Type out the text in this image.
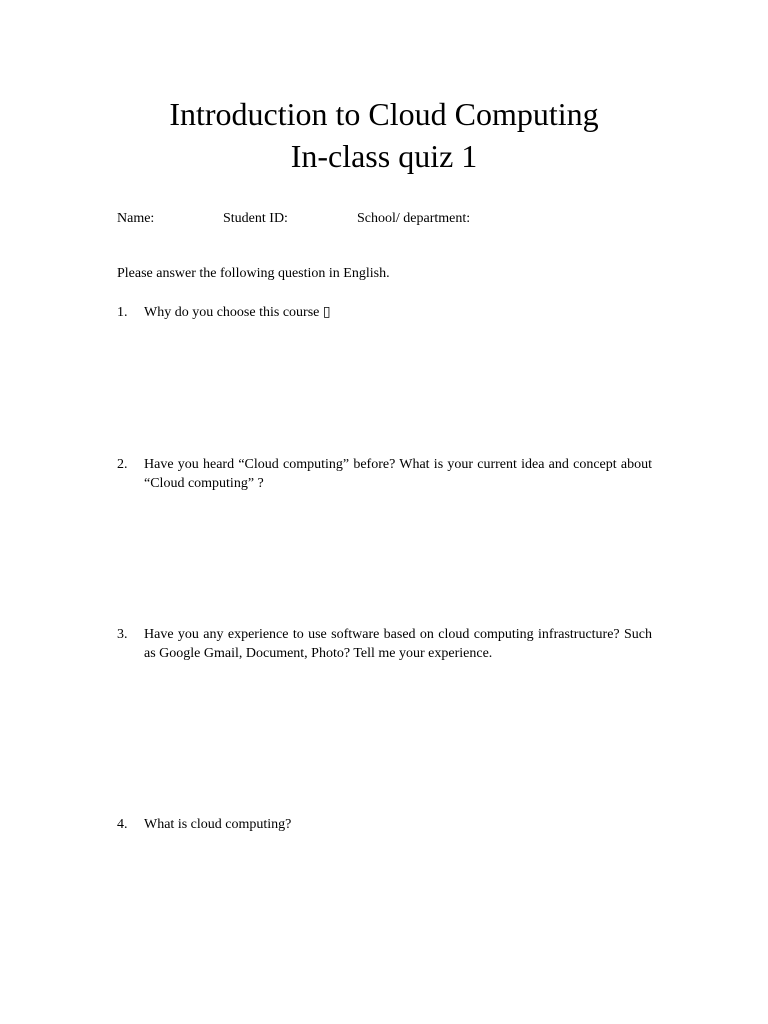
Introduction to Cloud Computing
In-class quiz 1
Name:	Student ID:	School/ department:
Please answer the following question in English.
1. Why do you choose this course ▯
2. Have you heard “Cloud computing” before? What is your current idea and concept about “Cloud computing” ?
3. Have you any experience to use software based on cloud computing infrastructure? Such as Google Gmail, Document, Photo? Tell me your experience.
4. What is cloud computing?
